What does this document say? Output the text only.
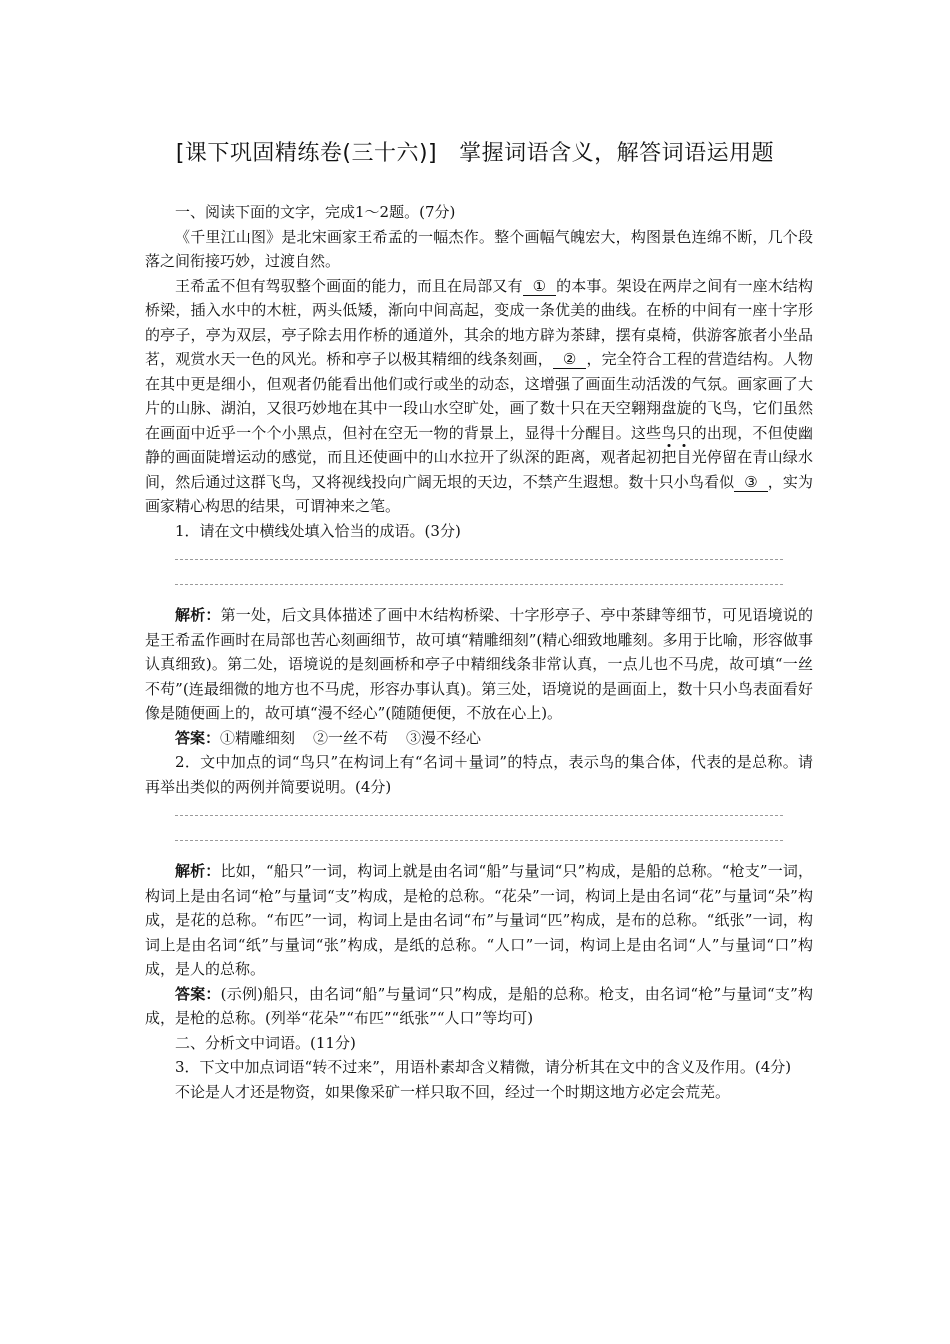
[课下巩固精练卷(三十六)] 掌握词语含义，解答词语运用题

一、阅读下面的文字，完成1～2题。(7分)

《千里江山图》是北宋画家王希孟的一幅杰作。整个画幅气魄宏大，构图景色连绵不断，几个段落之间衔接巧妙，过渡自然。

王希孟不但有驾驭整个画面的能力，而且在局部又有 ① 的本事。架设在两岸之间有一座木结构桥梁，插入水中的木桩，两头低矮，渐向中间高起，变成一条优美的曲线。在桥的中间有一座十字形的亭子，亭为双层，亭子除去用作桥的通道外，其余的地方辟为茶肆，摆有桌椅，供游客旅者小坐品茗，观赏水天一色的风光。桥和亭子以极其精细的线条刻画， ② ，完全符合工程的营造结构。人物在其中更是细小，但观者仍能看出他们或行或坐的动态，这增强了画面生动活泼的气氛。画家画了大片的山脉、湖泊，又很巧妙地在其中一段山水空旷处，画了数十只在天空翱翔盘旋的飞鸟，它们虽然在画面中近乎一个个小黑点，但衬在空无一物的背景上，显得十分醒目。这些鸟只的出现，不但使幽静的画面陡增运动的感觉，而且还使画中的山水拉开了纵深的距离，观者起初把目光停留在青山绿水间，然后通过这群飞鸟，又将视线投向广阔无垠的天边，不禁产生遐想。数十只小鸟看似 ③ ，实为画家精心构思的结果，可谓神来之笔。

1．请在文中横线处填入恰当的成语。(3分)

解析：第一处，后文具体描述了画中木结构桥梁、十字形亭子、亭中茶肆等细节，可见语境说的是王希孟作画时在局部也苦心刻画细节，故可填“精雕细刻”(精心细致地雕刻。多用于比喻，形容做事认真细致)。第二处，语境说的是刻画桥和亭子中精细线条非常认真，一点儿也不马虎，故可填“一丝不苟”(连最细微的地方也不马虎，形容办事认真)。第三处，语境说的是画面上，数十只小鸟表面看好像是随便画上的，故可填“漫不经心”(随随便便，不放在心上)。

答案：①精雕细刻 ②一丝不苟 ③漫不经心

2．文中加点的词“鸟只”在构词上有“名词＋量词”的特点，表示鸟的集合体，代表的是总称。请再举出类似的两例并简要说明。(4分)

解析：比如，“船只”一词，构词上就是由名词“船”与量词“只”构成，是船的总称。“枪支”一词，构词上是由名词“枪”与量词“支”构成，是枪的总称。“花朵”一词，构词上是由名词“花”与量词“朵”构成，是花的总称。“布匹”一词，构词上是由名词“布”与量词“匹”构成，是布的总称。“纸张”一词，构词上是由名词“纸”与量词“张”构成，是纸的总称。“人口”一词，构词上是由名词“人”与量词“口”构成，是人的总称。

答案：(示例)船只，由名词“船”与量词“只”构成，是船的总称。枪支，由名词“枪”与量词“支”构成，是枪的总称。(列举“花朵”“布匹”“纸张”“人口”等均可)

二、分析文中词语。(11分)

3．下文中加点词语“转不过来”，用语朴素却含义精微，请分析其在文中的含义及作用。(4分)

不论是人才还是物资，如果像采矿一样只取不回，经过一个时期这地方必定会荒芜。
